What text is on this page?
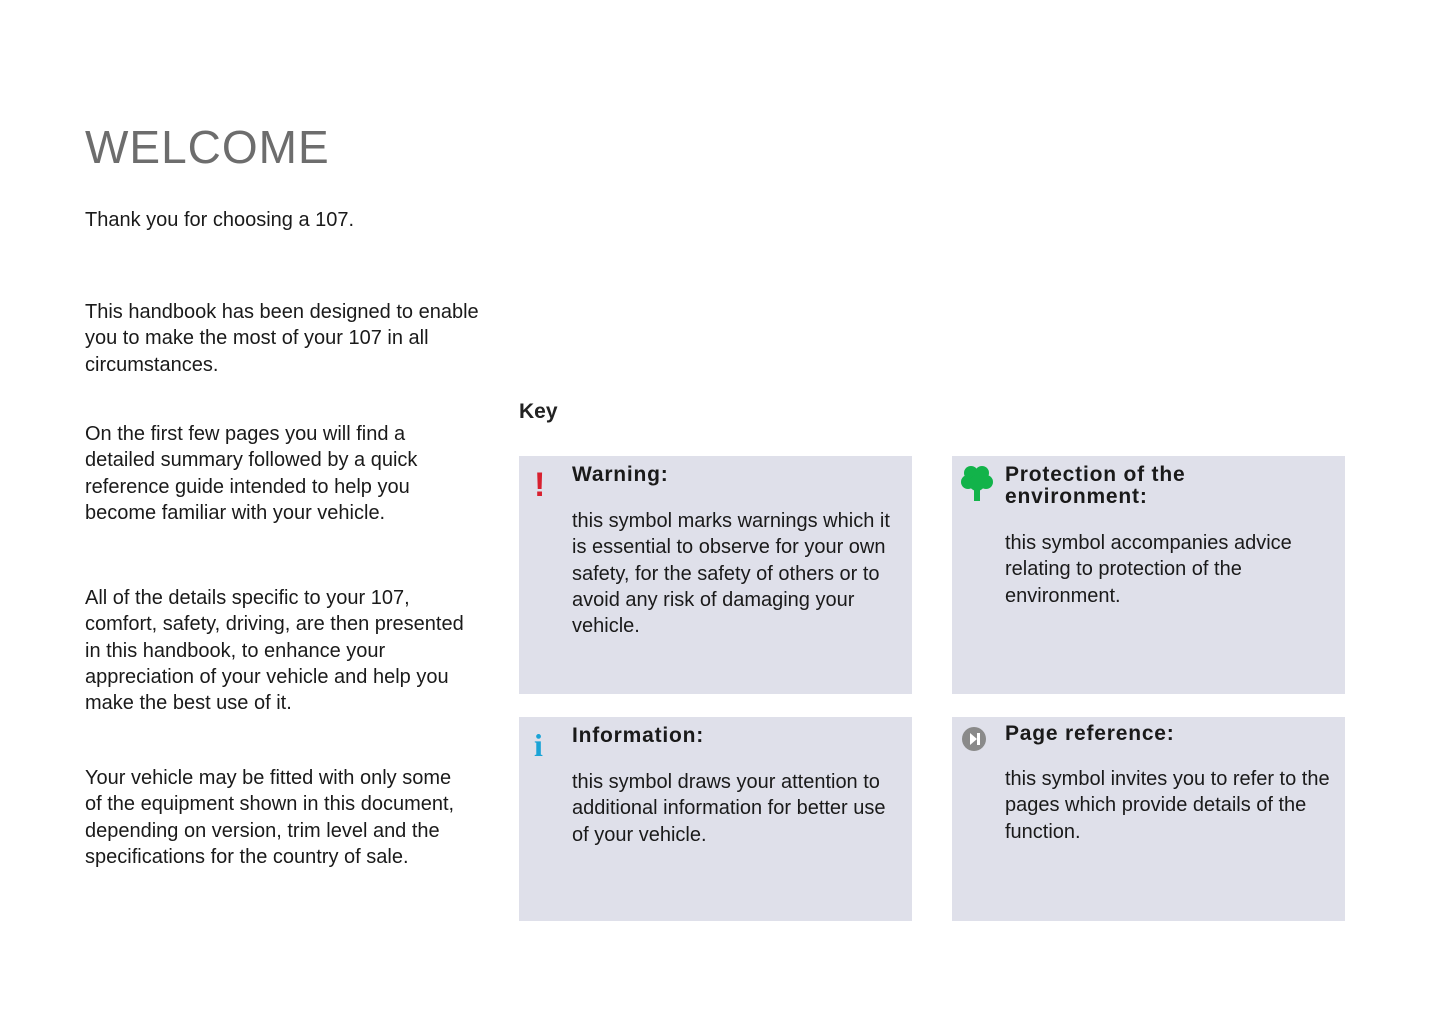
WELCOME

Thank you for choosing a 107.

This handbook has been designed to enable you to make the most of your 107 in all circumstances.

On the first few pages you will find a detailed summary followed by a quick reference guide intended to help you become familiar with your vehicle.

All of the details specific to your 107, comfort, safety, driving, are then presented in this handbook, to enhance your appreciation of your vehicle and help you make the best use of it.

Your vehicle may be fitted with only some of the equipment shown in this document, depending on version, trim level and the specifications for the country of sale.

Key
! Warning:

this symbol marks warnings which it is essential to observe for your own safety, for the safety of others or to avoid any risk of damaging your vehicle.

Protection of the environment:

this symbol accompanies advice relating to protection of the environment.

i Information:

this symbol draws your attention to additional information for better use of your vehicle.

Page reference:

this symbol invites you to refer to the pages which provide details of the function.
